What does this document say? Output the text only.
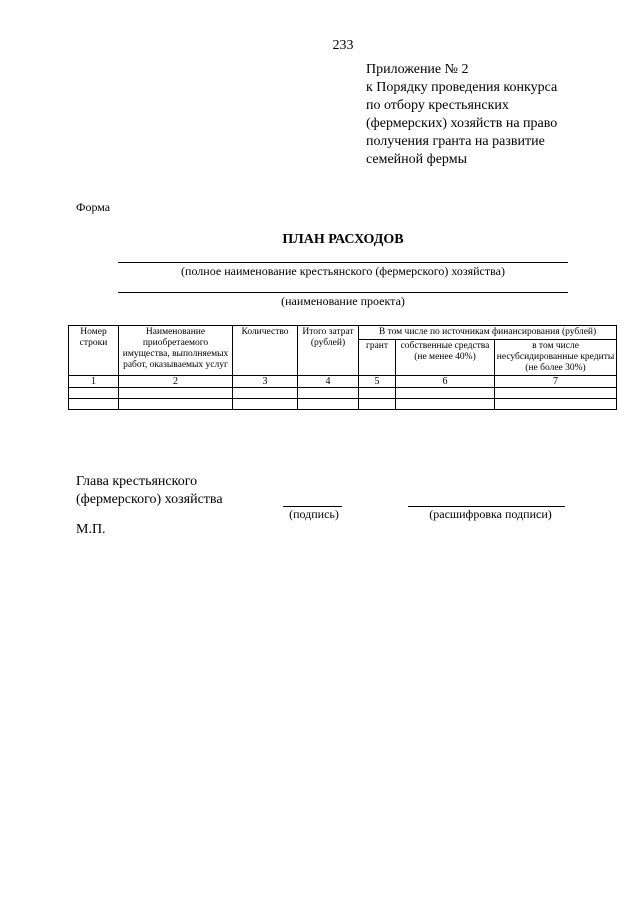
233
Приложение № 2
к Порядку проведения конкурса
по отбору крестьянских
(фермерских) хозяйств на право
получения гранта на развитие
семейной фермы
Форма
ПЛАН РАСХОДОВ
(полное наименование крестьянского (фермерского) хозяйства)
(наименование проекта)
Номер строки	Наименование приобретаемого имущества, выполняемых работ, оказываемых услуг	Количество	Итого затрат (рублей)	В том числе по источникам финансирования (рублей)		
				грант	собственные средства (не менее 40%)	в том числе несубсидированные кредиты (не более 30%)
1	2	3	4	5	6	7

Глава крестьянского
(фермерского) хозяйства
(подпись)	(расшифровка подписи)
М.П.
